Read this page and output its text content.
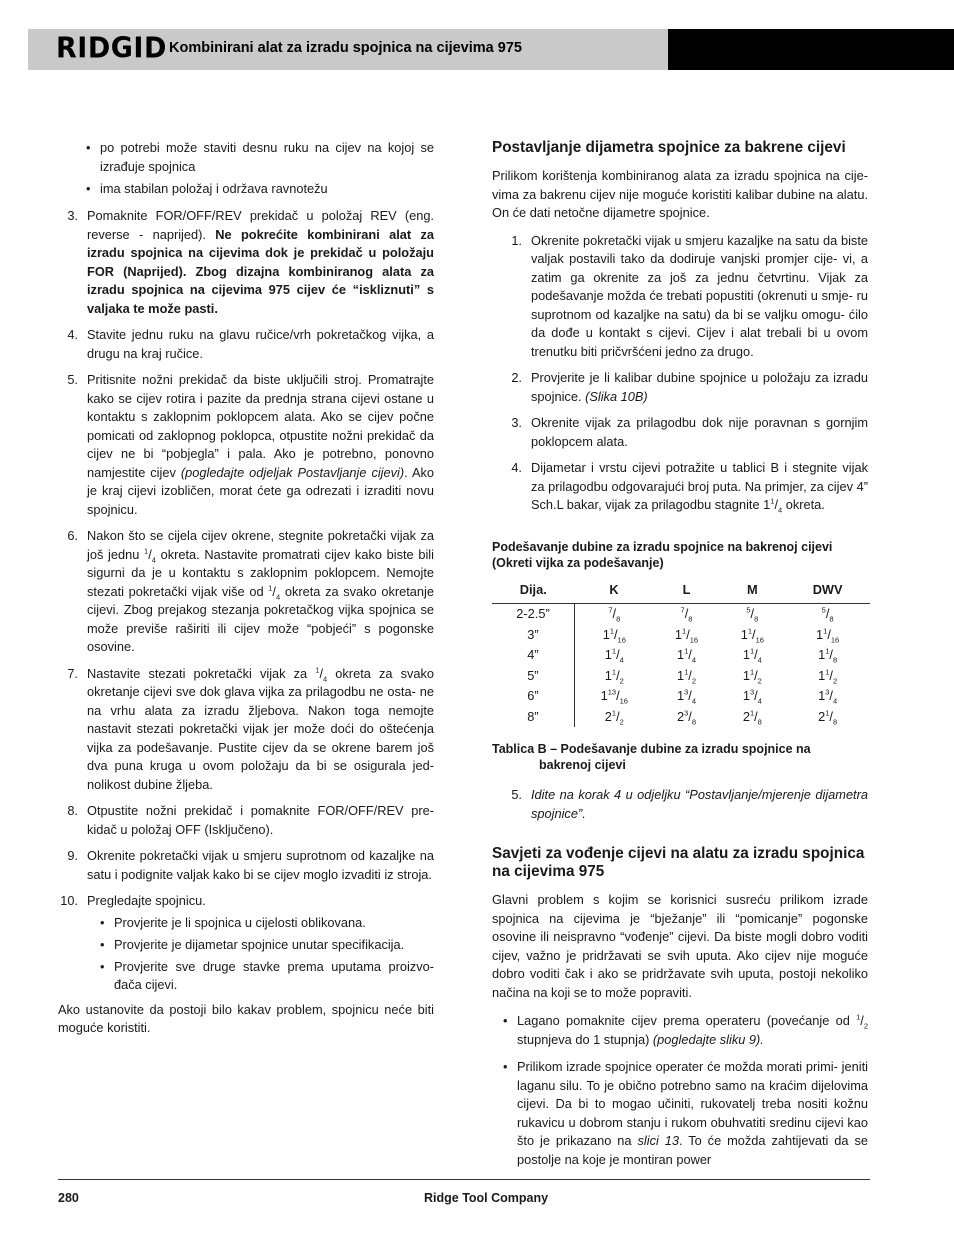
RIDGID Kombinirani alat za izradu spojnica na cijevima 975
• po potrebi može staviti desnu ruku na cijev na kojoj se izrađuje spojnica
• ima stabilan položaj i održava ravnotežu
3. Pomaknite FOR/OFF/REV prekidač u položaj REV (eng. reverse - naprijed). Ne pokrećite kombinirani alat za izradu spojnica na cijevima dok je prekidač u položaju FOR (Naprijed). Zbog dizajna kombiniranog alata za izradu spojnica na cijevima 975 cijev će “iskliznuti” s valjaka te može pasti.
4. Stavite jednu ruku na glavu ručice/vrh pokretačkog vijka, a drugu na kraj ručice.
5. Pritisnite nožni prekidač da biste uključili stroj. Promatrajte kako se cijev rotira i pazite da prednja strana cijevi ostane u kontaktu s zaklopnim poklopcem alata. Ako se cijev počne pomicati od zaklopnog poklopca, otpustite nožni prekidač da cijev ne bi “pobjegla” i pala. Ako je potrebno, ponovno namjestite cijev (pogledajte odjeljak Postavljanje cijevi). Ako je kraj cijevi izobličen, morat ćete ga odrezati i izraditi novu spojnicu.
6. Nakon što se cijela cijev okrene, stegnite pokretački vijak za još jednu $^1/_4$ okreta. Nastavite promatrati cijev kako biste bili sigurni da je u kontaktu s zaklopnim poklopcem. Nemojte stezati pokretački vijak više od $^1/_4$ okreta za svako okretanje cijevi. Zbog prejakog stezanja pokretačkog vijka spojnica se može previše raširiti ili cijev može “pobjeći” s pogonske osovine.
7. Nastavite stezati pokretački vijak za $^1/_4$ okreta za svako okretanje cijevi sve dok glava vijka za prilagodbu ne osta- ne na vrhu alata za izradu žljebova. Nakon toga nemojte nastavit stezati pokretački vijak jer može doći do oštećenja vijka za podešavanje. Pustite cijev da se okrene barem još dva puna kruga u ovom položaju da bi se osigurala jed- nolikost dubine žljeba.
8. Otpustite nožni prekidač i pomaknite FOR/OFF/REV pre- kidač u položaj OFF (Isključeno).
9. Okrenite pokretački vijak u smjeru suprotnom od kazaljke na satu i podignite valjak kako bi se cijev moglo izvaditi iz stroja.
10. Pregledajte spojnicu.
• Provjerite je li spojnica u cijelosti oblikovana.
• Provjerite je dijametar spojnice unutar specifikacija.
• Provjerite sve druge stavke prema uputama proizvo- đača cijevi.

Ako ustanovite da postoji bilo kakav problem, spojnicu neće biti moguće koristiti.

Postavljanje dijametra spojnice za bakrene cijevi

Prilikom korištenja kombiniranog alata za izradu spojnica na cije- vima za bakrenu cijev nije moguće koristiti kalibar dubine na alatu. On će dati netočne dijametre spojnice.

1. Okrenite pokretački vijak u smjeru kazaljke na satu da biste valjak postavili tako da dodiruje vanjski promjer cije- vi, a zatim ga okrenite za još za jednu četvrtinu. Vijak za podešavanje možda će trebati popustiti (okrenuti u smje- ru suprotnom od kazaljke na satu) da bi se valjku omogu- ćilo da dođe u kontakt s cijevi. Cijev i alat trebali bi u ovom trenutku biti pričvršćeni jedno za drugo.
2. Provjerite je li kalibar dubine spojnice u položaju za izradu spojnice. (Slika 10B)
3. Okrenite vijak za prilagodbu dok nije poravnan s gornjim poklopcem alata.
4. Dijametar i vrstu cijevi potražite u tablici B i stegnite vijak za prilagodbu odgovarajući broj puta. Na primjer, za cijev 4” Sch.L bakar, vijak za prilagodbu stagnite $1^1/_4$ okreta.
Podešavanje dubine za izradu spojnice na bakrenoj cijevi (Okreti vijka za podešavanje)
Dija.	K	L	M	DWV
2-2.5”	$^7/_8$	$^7/_8$	$^5/_8$	$^5/_8$
3”	$1^1/_{16}$	$1^1/_{16}$	$1^1/_{16}$	$1^1/_{16}$
4”	$1^1/_4$	$1^1/_4$	$1^1/_4$	$1^1/_8$
5”	$1^1/_2$	$1^1/_2$	$1^1/_2$	$1^1/_2$
6”	$1^{13}/_{16}$	$1^3/_4$	$1^3/_4$	$1^3/_4$
8”	$2^1/_2$	$2^3/_8$	$2^1/_8$	$2^1/_8$
Tablica B – Podešavanje dubine za izradu spojnice na
bakrenoj cijevi
5. Idite na korak 4 u odjeljku “Postavljanje/mjerenje dijametra spojnice”.
Savjeti za vođenje cijevi na alatu za izradu spojnica na cijevima 975

Glavni problem s kojim se korisnici susreću prilikom izrade spojnica na cijevima je “bježanje” ili “pomicanje” pogonske osovine ili neispravno “vođenje” cijevi. Da biste mogli dobro voditi cijev, važno je pridržavati se svih uputa. Ako cijev nije moguće dobro voditi čak i ako se pridržavate svih uputa, postoji nekoliko načina na koji se to može popraviti.

• Lagano pomaknite cijev prema operateru (povećanje od $^1/_2$ stupnjeva do 1 stupnja) (pogledajte sliku 9).
• Prilikom izrade spojnice operater će možda morati primi- jeniti laganu silu. To je obično potrebno samo na kraćim dijelovima cijevi. Da bi to mogao učiniti, rukovatelj treba nositi kožnu rukavicu u dobrom stanju i rukom obuhvatiti sredinu cijevi kao što je prikazano na slici 13. To će možda zahtijevati da se postolje na koje je montiran power
280	Ridge Tool Company
